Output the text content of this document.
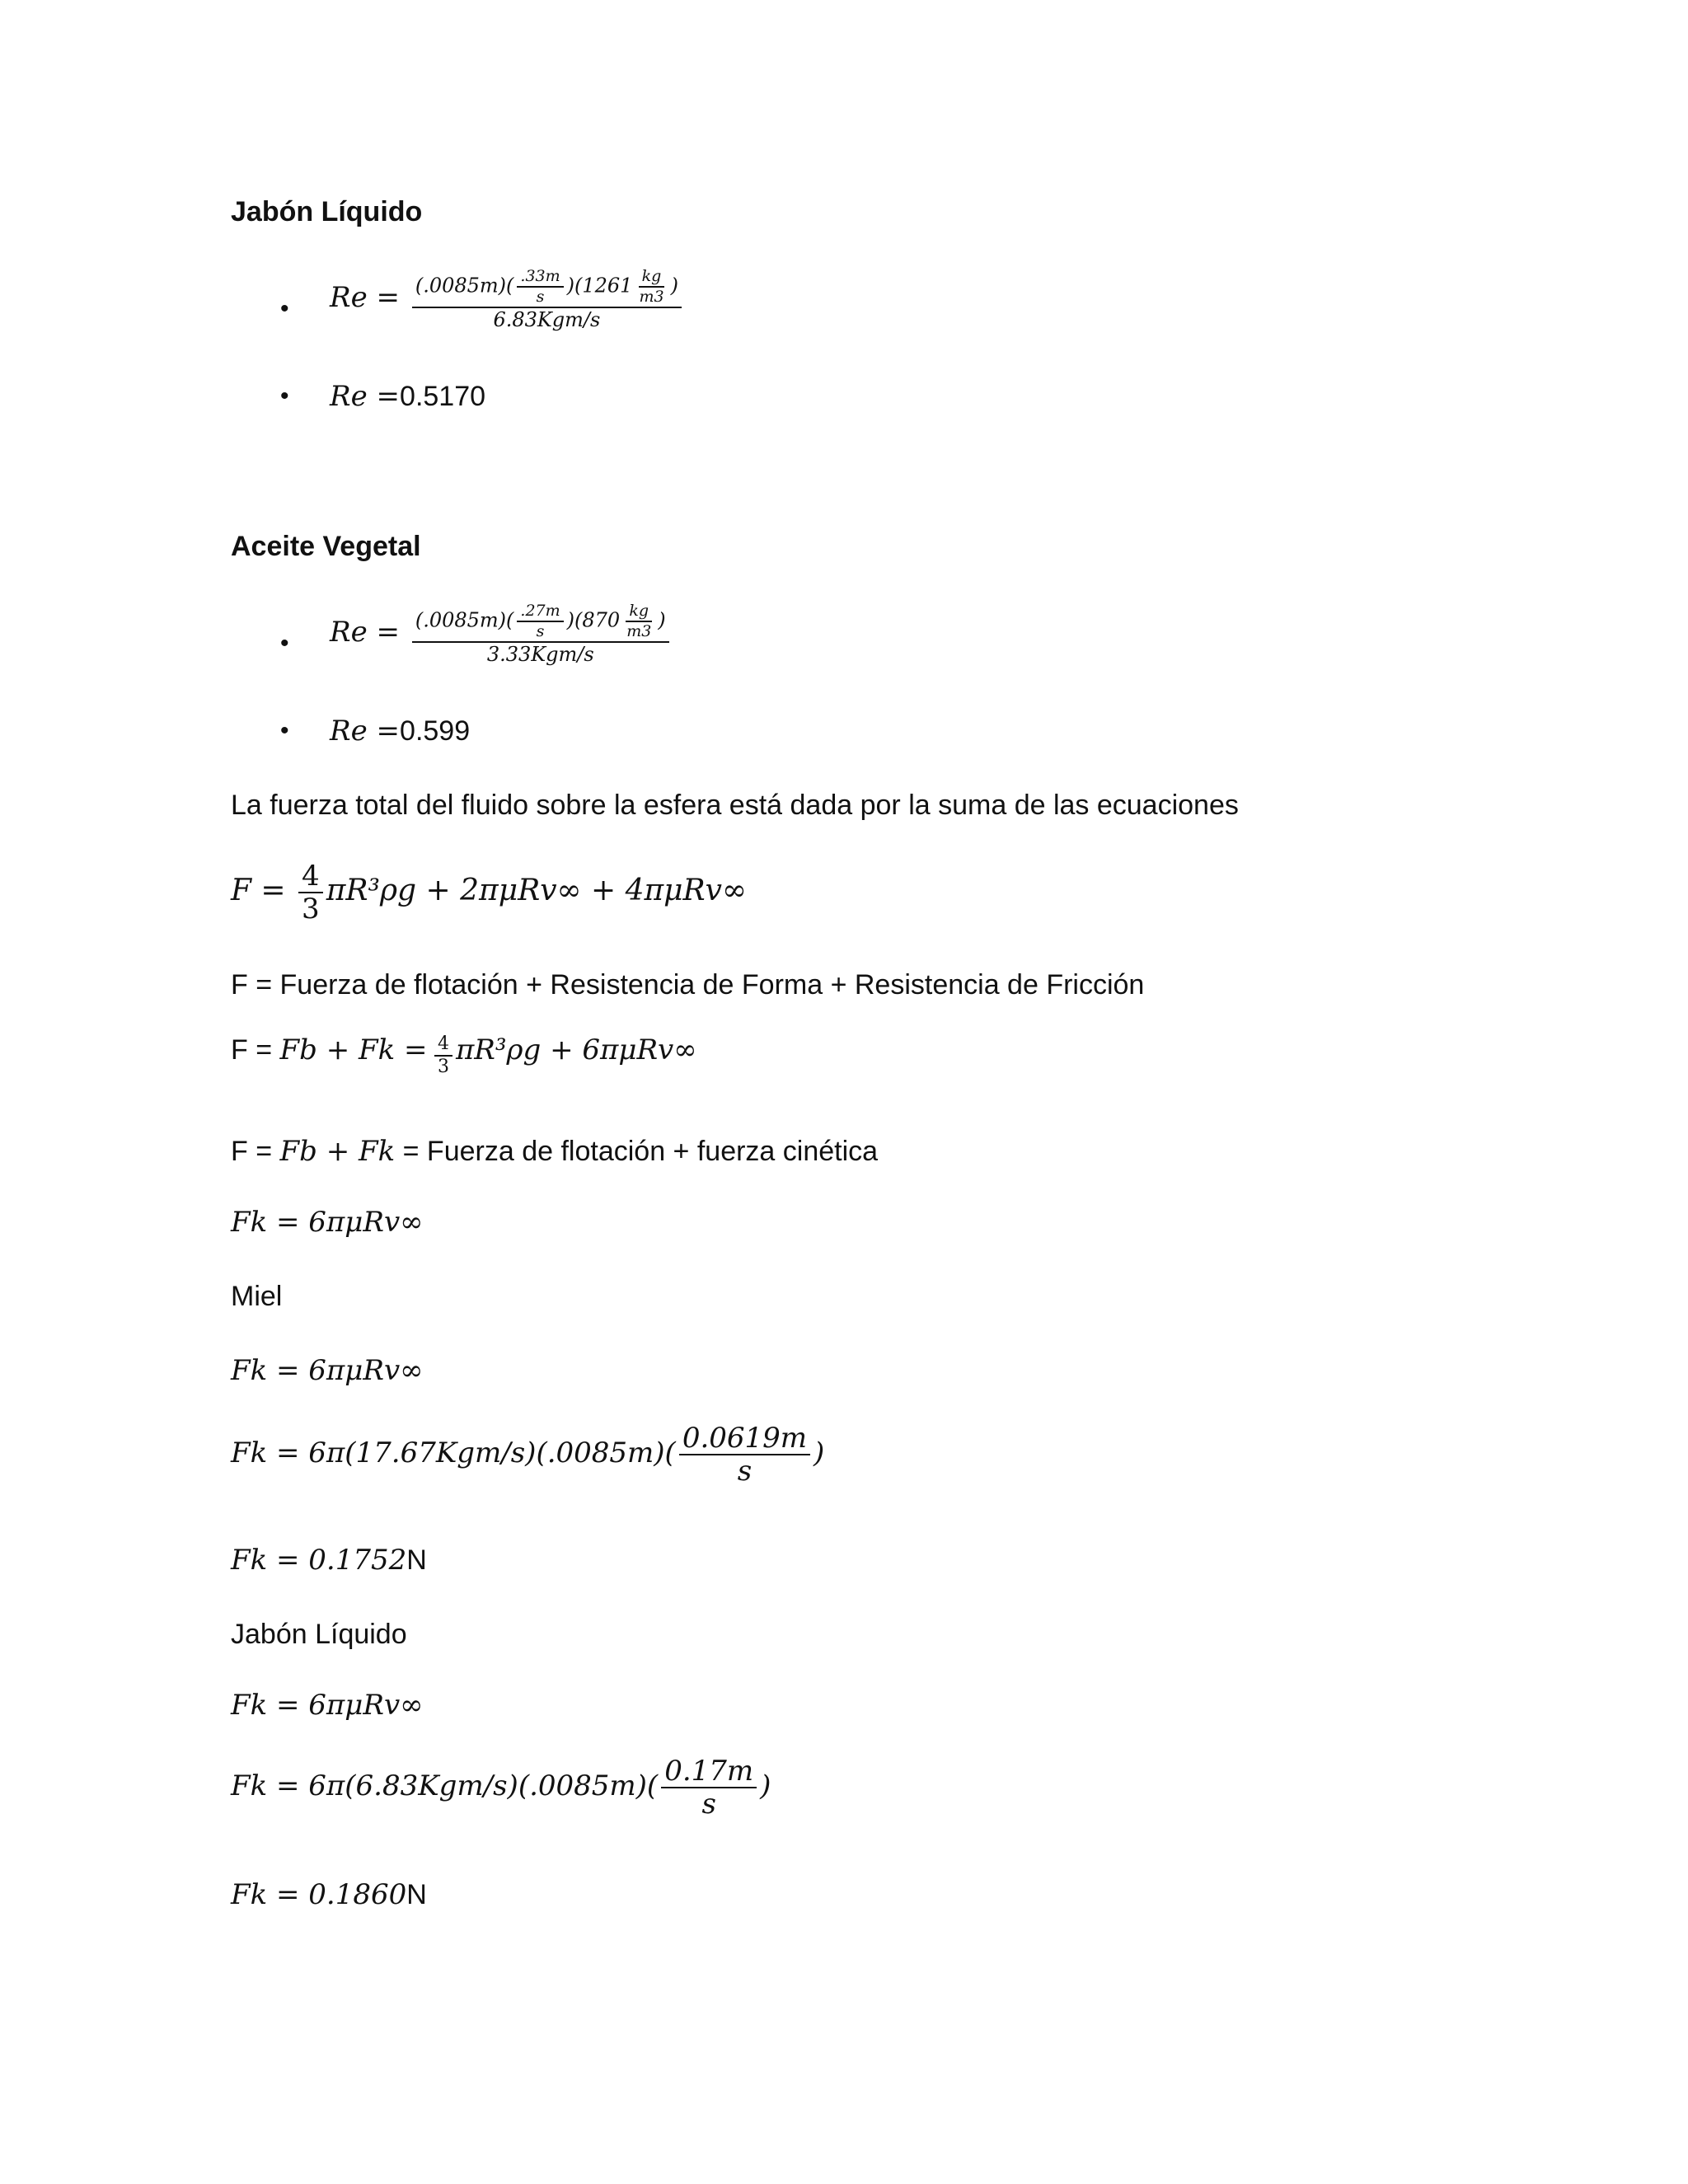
Jabón Líquido
• $Re = \frac{(.0085m)( \frac{.33m}{s} )(1261 \frac{kg}{m3} )}{\text{6.83Kgm/s}}$
• Re =0.5170
Aceite Vegetal
• $Re = \frac{(.0085m)( \frac{.27m}{s} )(870 \frac{kg}{m3} )}{\text{3.33Kgm/s}}$
• Re =0.599
La fuerza total del fluido sobre la esfera está dada por la suma de las ecuaciones
$F = \frac{4}{3} \pi R^3\rho g + 2\pi\mu Rv\infty + 4\pi\mu Rv\infty$
F = Fuerza de flotación + Resistencia de Forma + Resistencia de Fricción
$F = Fb + Fk = \frac{4}{3} \pi R^3\rho g + 6\pi\mu Rv\infty$
F = Fb + Fk = Fuerza de flotación + fuerza cinética
Fk = 6πμRv∞
Miel
Fk = 6πμRv∞
$Fk = 6\pi(17.67Kgm/s)(.0085m)( \frac{0.0619m}{s}$ )
Fk = 0.1752N
Jabón Líquido
Fk = 6πμRv∞
$Fk = 6\pi(6.83Kgm/s)(.0085m)( \frac{0.17m}{s}$ )
Fk = 0.1860N
